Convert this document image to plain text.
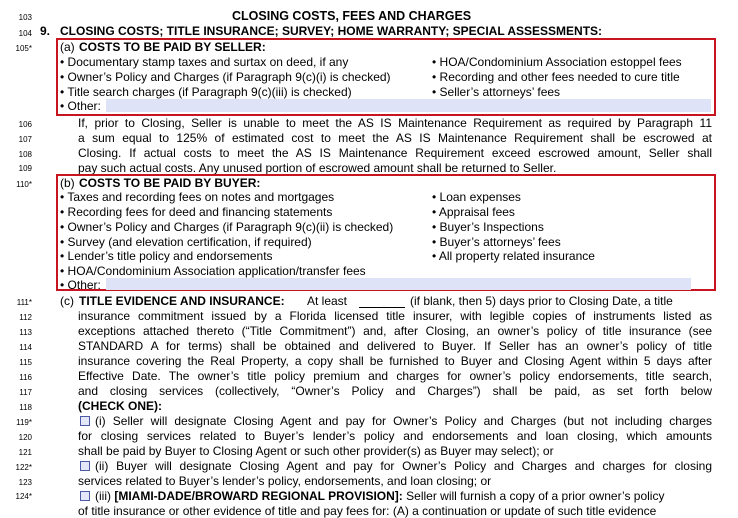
CLOSING COSTS, FEES AND CHARGES
103
104
105*
106
107
108
109
110*
111*
112
113
114
115
116
117
118
119*
120
121
122*
123
124*
9. CLOSING COSTS; TITLE INSURANCE; SURVEY; HOME WARRANTY; SPECIAL ASSESSMENTS:
(a) COSTS TO BE PAID BY SELLER:
• Documentary stamp taxes and surtax on deed, if any
• Owner’s Policy and Charges (if Paragraph 9(c)(i) is checked)
• Title search charges (if Paragraph 9(c)(iii) is checked)
• HOA/Condominium Association estoppel fees
• Recording and other fees needed to cure title
• Seller’s attorneys’ fees
• Other:
If, prior to Closing, Seller is unable to meet the AS IS Maintenance Requirement as required by Paragraph 11
a sum equal to 125% of estimated cost to meet the AS IS Maintenance Requirement shall be escrowed at
Closing. If actual costs to meet the AS IS Maintenance Requirement exceed escrowed amount, Seller shall
pay such actual costs. Any unused portion of escrowed amount shall be returned to Seller.
(b) COSTS TO BE PAID BY BUYER:
• Taxes and recording fees on notes and mortgages
• Recording fees for deed and financing statements
• Owner’s Policy and Charges (if Paragraph 9(c)(ii) is checked)
• Survey (and elevation certification, if required)
• Lender’s title policy and endorsements
• HOA/Condominium Association application/transfer fees
• Loan expenses
• Appraisal fees
• Buyer’s Inspections
• Buyer’s attorneys’ fees
• All property related insurance
• Other:
(c) TITLE EVIDENCE AND INSURANCE: At least	(if blank, then 5) days prior to Closing Date, a title
insurance commitment issued by a Florida licensed title insurer, with legible copies of instruments listed as
exceptions attached thereto (“Title Commitment”) and, after Closing, an owner’s policy of title insurance (see
STANDARD A for terms) shall be obtained and delivered to Buyer. If Seller has an owner’s policy of title
insurance covering the Real Property, a copy shall be furnished to Buyer and Closing Agent within 5 days after
Effective Date. The owner’s title policy premium and charges for owner’s policy endorsements, title search,
and closing services (collectively, “Owner’s Policy and Charges”) shall be paid, as set forth below
(CHECK ONE):
(i) Seller will designate Closing Agent and pay for Owner’s Policy and Charges (but not including charges
for closing services related to Buyer’s lender’s policy and endorsements and loan closing, which amounts
shall be paid by Buyer to Closing Agent or such other provider(s) as Buyer may select); or
(ii) Buyer will designate Closing Agent and pay for Owner’s Policy and Charges and charges for closing
services related to Buyer’s lender’s policy, endorsements, and loan closing; or
(iii) [MIAMI-DADE/BROWARD REGIONAL PROVISION]: Seller will furnish a copy of a prior owner’s policy
of title insurance or other evidence of title and pay fees for: (A) a continuation or update of such title evidence
